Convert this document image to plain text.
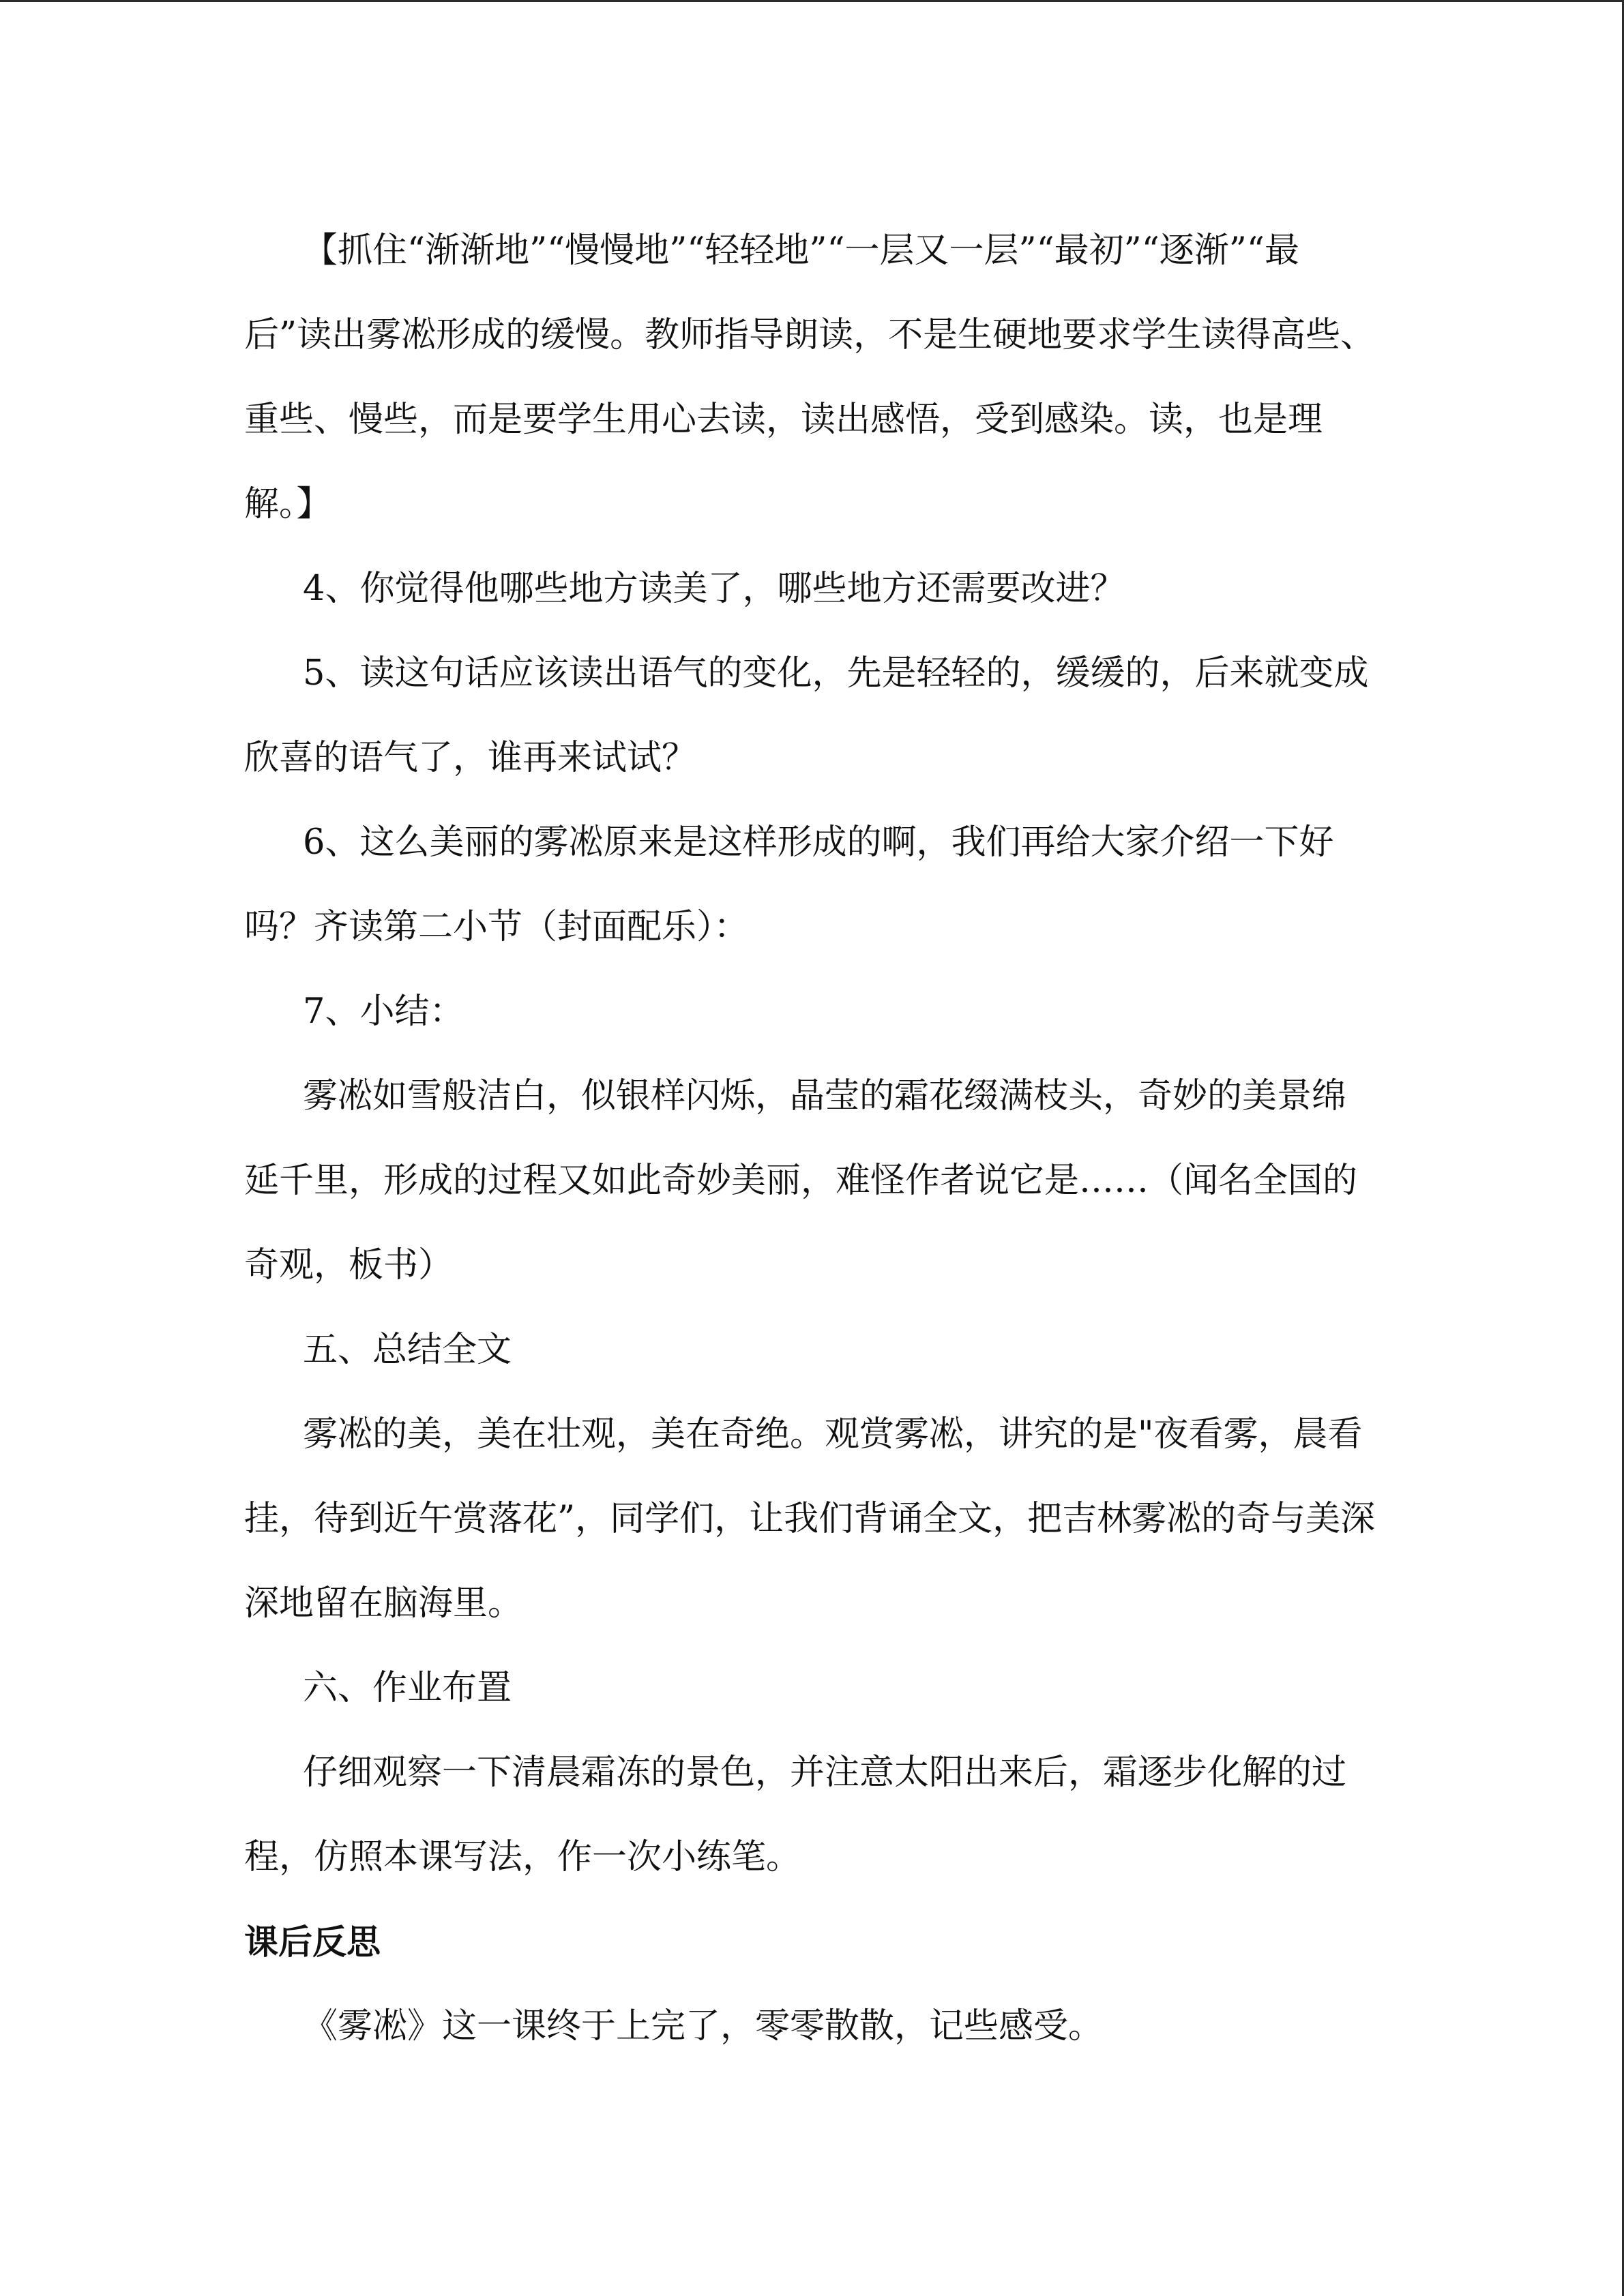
【抓住“渐渐地”“慢慢地”“轻轻地”“一层又一层”“最初”“逐渐”“最后”读出雾凇形成的缓慢。教师指导朗读，不是生硬地要求学生读得高些、重些、慢些，而是要学生用心去读，读出感悟，受到感染。读，也是理解。】

4、你觉得他哪些地方读美了，哪些地方还需要改进？

5、读这句话应该读出语气的变化，先是轻轻的，缓缓的，后来就变成欣喜的语气了，谁再来试试？

6、这么美丽的雾凇原来是这样形成的啊，我们再给大家介绍一下好吗？齐读第二小节（封面配乐）：

7、小结：

雾凇如雪般洁白，似银样闪烁，晶莹的霜花缀满枝头，奇妙的美景绵延千里，形成的过程又如此奇妙美丽，难怪作者说它是……（闻名全国的奇观，板书）

五、总结全文

雾凇的美，美在壮观，美在奇绝。观赏雾凇，讲究的是"夜看雾，晨看挂，待到近午赏落花”，同学们，让我们背诵全文，把吉林雾凇的奇与美深深地留在脑海里。

六、作业布置

仔细观察一下清晨霜冻的景色，并注意太阳出来后，霜逐步化解的过程，仿照本课写法，作一次小练笔。

课后反思

《雾凇》这一课终于上完了，零零散散，记些感受。
